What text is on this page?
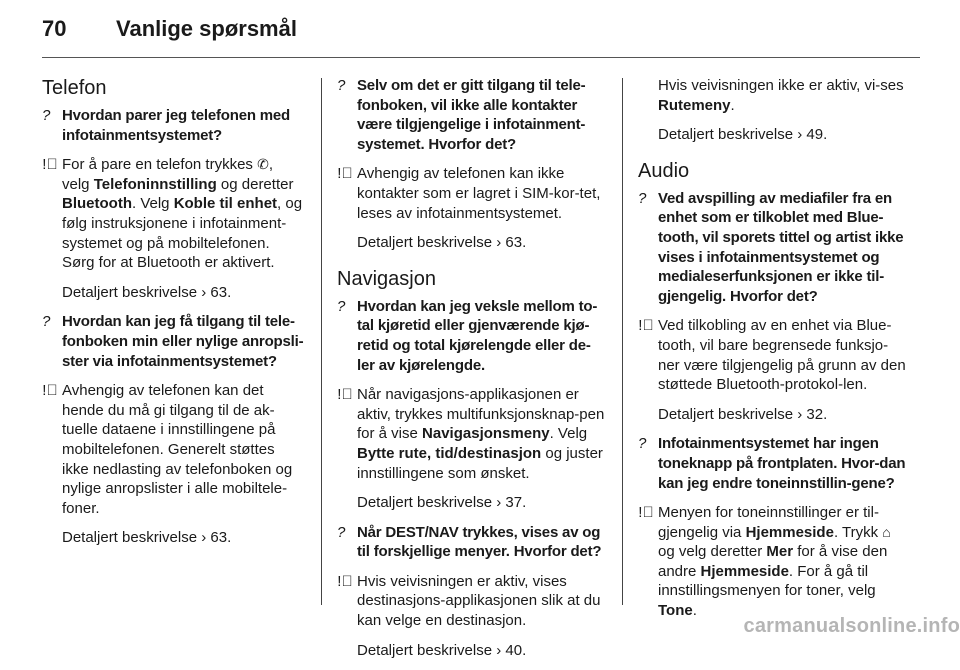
70 Vanlige spørsmål
Telefon
?⃝ Hvordan parer jeg telefonen med infotainmentsystemet?
!⃝ For å pare en telefon trykkes ✆, velg Telefoninnstilling og deretter Bluetooth. Velg Koble til enhet, og følg instruksjonene i infotainment-systemet og på mobiltelefonen. Sørg for at Bluetooth er aktivert.
Detaljert beskrivelse › 63.
?⃝ Hvordan kan jeg få tilgang til tele-fonboken min eller nylige anropsli-ster via infotainmentsystemet?
!⃝ Avhengig av telefonen kan det hende du må gi tilgang til de ak-tuelle dataene i innstillingene på mobiltelefonen. Generelt støttes ikke nedlasting av telefonboken og nylige anropslister i alle mobiltele-foner.
Detaljert beskrivelse › 63.
?⃝ Selv om det er gitt tilgang til tele-fonboken, vil ikke alle kontakter være tilgjengelige i infotainment-systemet. Hvorfor det?
!⃝ Avhengig av telefonen kan ikke kontakter som er lagret i SIM-kor-tet, leses av infotainmentsystemet.
Detaljert beskrivelse › 63.
Navigasjon
?⃝ Hvordan kan jeg veksle mellom to-tal kjøretid eller gjenværende kjø-retid og total kjørelengde eller de-ler av kjørelengde.
!⃝ Når navigasjons-applikasjonen er aktiv, trykkes multifunksjonsknap-pen for å vise Navigasjonsmeny. Velg Bytte rute, tid/destinasjon og juster innstillingene som ønsket.
Detaljert beskrivelse › 37.
?⃝ Når DEST/NAV trykkes, vises av og til forskjellige menyer. Hvorfor det?
!⃝ Hvis veivisningen er aktiv, vises destinasjons-applikasjonen slik at du kan velge en destinasjon.
Detaljert beskrivelse › 40.
Hvis veivisningen ikke er aktiv, vi-ses Rutemeny.
Detaljert beskrivelse › 49.
Audio
?⃝ Ved avspilling av mediafiler fra en enhet som er tilkoblet med Blue-tooth, vil sporets tittel og artist ikke vises i infotainmentsystemet og medialeserfunksjonen er ikke til-gjengelig. Hvorfor det?
!⃝ Ved tilkobling av en enhet via Blue-tooth, vil bare begrensede funksjo-ner være tilgjengelig på grunn av den støttede Bluetooth-protokol-len.
Detaljert beskrivelse › 32.
?⃝ Infotainmentsystemet har ingen toneknapp på frontplaten. Hvor-dan kan jeg endre toneinnstillin-gene?
!⃝ Menyen for toneinnstillinger er til-gjengelig via Hjemmeside. Trykk ⌂ og velg deretter Mer for å vise den andre Hjemmeside. For å gå til innstillingsmenyen for toner, velg Tone.
carmanualsonline.info
